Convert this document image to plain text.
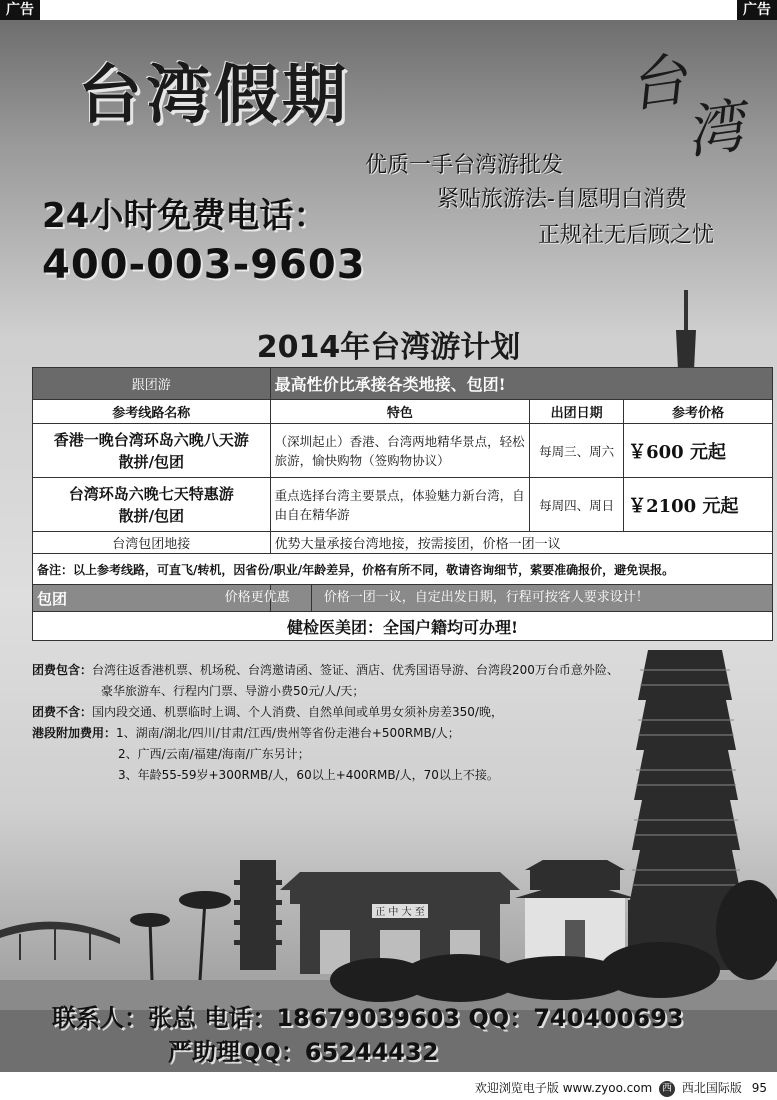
广告	广告
台湾假期	台
湾
优质一手台湾游批发
紧贴旅游法-自愿明白消费
正规社无后顾之忧
24小时免费电话：
400-003-9603
2014年台湾游计划
跟团游	最高性价比承接各类地接、包团!		
参考线路名称	特色	出团日期	参考价格

香港一晚台湾环岛六晚八天游
散拼/包团	（深圳起止）香港、台湾两地精华景点，轻松旅游，愉快购物（签购物协议）	每周三、周六	￥600 元起

台湾环岛六晚七天特惠游
散拼/包团	重点选择台湾主要景点，体验魅力新台湾，自由自在精华游	每周四、周日	￥2100 元起
台湾包团地接	优势大量承接台湾地接，按需接团，价格一团一议		
备注：以上参考线路，可直飞/转机，因省份/职业/年龄差异，价格有所不同，敬请咨询细节，萦要准确报价，避免误报。			
包团	价格更优惠 价格一团一议，自定出发日期，行程可按客人要求设计！		
健检医美团：全国户籍均可办理!			
团费包含：台湾往返香港机票、机场税、台湾邀请函、签证、酒店、优秀国语导游、台湾段200万台币意外险、
豪华旅游车、行程内门票、导游小费50元/人/天；
团费不含：国内段交通、机票临时上调、个人消费、自然单间或单男女须补房差350/晚，
港段附加费用：1、湖南/湖北/四川/甘肃/江西/贵州等省份走港台+500RMB/人；
2、广西/云南/福建/海南/广东另计；
3、年龄55-59岁+300RMB/人，60以上+400RMB/人，70以上不接。
正 中 大 至
联系人：张总 电话：18679039603 QQ：740400693
严助理QQ：65244432
欢迎浏览电子版 www.zyoo.com 西 西北国际版 95
